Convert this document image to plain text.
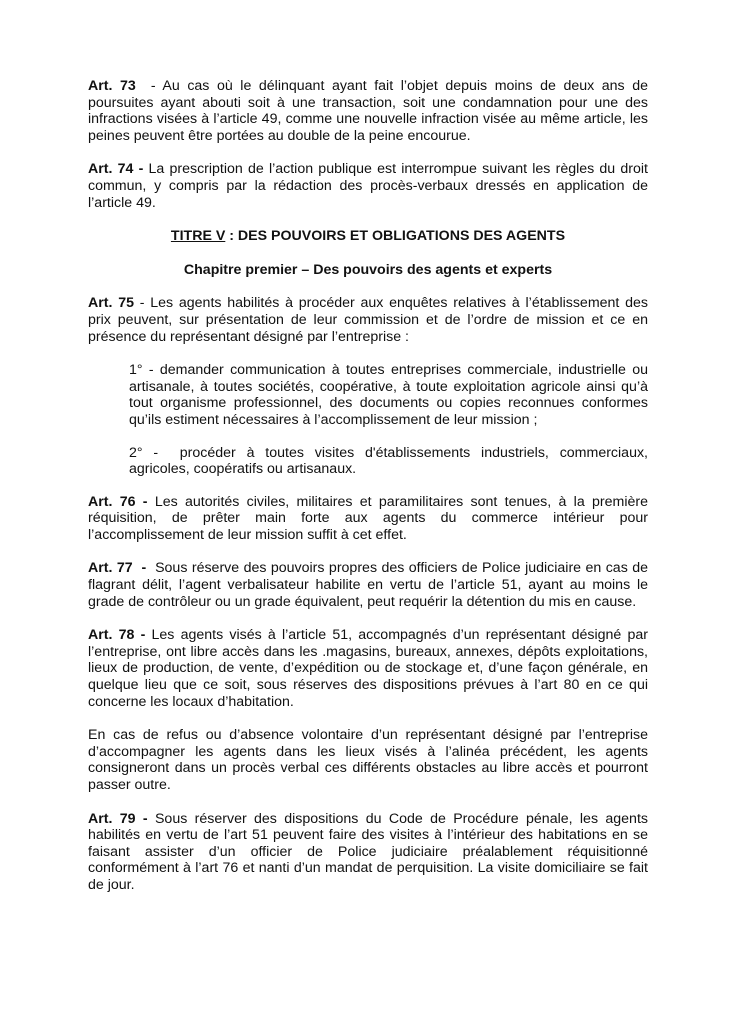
Art. 73  - Au cas où le délinquant ayant fait l’objet depuis moins de deux ans de poursuites ayant abouti soit à une transaction, soit une condamnation pour une des infractions visées à l’article 49, comme une nouvelle infraction visée au même article, les peines peuvent être portées au double de la peine encourue.

Art. 74 - La prescription de l’action publique est interrompue suivant les règles du droit commun, y compris par la rédaction des procès-verbaux dressés en application de l’article 49.

TITRE V : DES POUVOIRS ET OBLIGATIONS DES AGENTS

Chapitre premier – Des pouvoirs des agents et experts

Art. 75 - Les agents habilités à procéder aux enquêtes relatives à l’établissement des prix peuvent, sur présentation de leur commission et de l’ordre de mission et ce en présence du représentant désigné par l’entreprise :

1° - demander communication à toutes entreprises commerciale, industrielle ou artisanale, à toutes sociétés, coopérative, à toute exploitation agricole ainsi qu’à tout organisme professionnel, des documents ou copies reconnues conformes qu’ils estiment nécessaires à l’accomplissement de leur mission ;

2° -  procéder à toutes visites d'établissements industriels, commerciaux, agricoles, coopératifs ou artisanaux.

Art. 76 - Les autorités civiles, militaires et paramilitaires sont tenues, à la première réquisition, de prêter main forte aux agents du commerce intérieur pour l’accomplissement de leur mission suffit à cet effet.

Art. 77  - Sous réserve des pouvoirs propres des officiers de Police judiciaire en cas de flagrant délit, l’agent verbalisateur habilite en vertu de l’article 51, ayant au moins le grade de contrôleur ou un grade équivalent, peut requérir la détention du mis en cause.

Art. 78 - Les agents visés à l’article 51, accompagnés d’un représentant désigné par l’entreprise, ont libre accès dans les .magasins, bureaux, annexes, dépôts exploitations, lieux de production, de vente, d’expédition ou de stockage et, d’une façon générale, en quelque lieu que ce soit, sous réserves des dispositions prévues à l’art 80 en ce qui concerne les locaux d’habitation.

En cas de refus ou d’absence volontaire d’un représentant désigné par l’entreprise d’accompagner les agents dans les lieux visés à l’alinéa précédent, les agents consigneront dans un procès verbal ces différents obstacles au libre accès et pourront passer outre.

Art. 79 - Sous réserver des dispositions du Code de Procédure pénale, les agents habilités en vertu de l’art 51 peuvent faire des visites à l’intérieur des habitations en se faisant assister d’un officier de Police judiciaire préalablement réquisitionné conformément à l’art 76 et nanti d’un mandat de perquisition. La visite domiciliaire se fait de jour.
